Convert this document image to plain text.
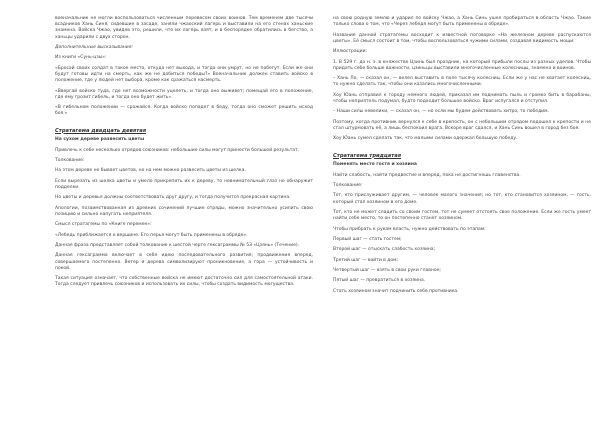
военачальник не могли воспользоваться численным перевесом своих воинов. Тем временем две тысячи всадников Хань Синя, сидевшие в засаде, заняли чжаоский лагерь и выставили на его стенах ханьские знамена. Войска Чжао, увидев это, решили, что их лагерь взят, и в беспорядке обратились в бегство, а ханьцы ударили с двух сторон.

Дополнительные высказывания:

Из книги «Сунь-цзы»:

«Бросай своих солдат в такое место, откуда нет выхода, и тогда они умрут, но не побегут. Если же они будут готовы идти на смерть, как же не добиться победы?» Военачальник должен ставить войско в положение, где у людей нет выбора, кроме как сражаться насмерть.

«Ввергай войско туда, где нет возможности уцелеть, и тогда оно выживет; помещай его в положение, где ему грозит гибель, и тогда оно будет жить».

«В гибельном положении — сражайся. Когда войско попадет в беду, тогда оно сможет решить исход боя.»

Стратагема двадцать девятая

На сухом дереве развесить цветы

Привлечь к себе несколько отрядов союзников: небольшие силы могут принести большой результат.

Толкование:

На этом дереве не бывает цветов, но на нем можно развесить цветы из шелка.

Если вырезать из шелка цветы и умело прикрепить их к дереву, то невнимательный глаз не обнаружит подделки.

Но цветы и деревья должны соответствовать друг другу, и тогда получится прекрасная картина.

Апологии, позаимствованная из древних сочинений лучшие отряды, можно значительно усилить свою позицию и сильно напугать неприятеля.

Смысл стратагемы по «Книге перемен»:

«Лебедь приближается к вершине. Его перья могут быть применены в обряде».

Данная фраза представляет собой толкование к шестой черте гексаграммы № 53 «Цзянь» (Течение).

Данная гексаграмма включает в себя идею последовательного развития; продвижения вперед, совершаемого постепенно. Ветер и дерево символизируют проникновение, а гора — устойчивость и покой.

Такая ситуация означает, что собственные войска не имеют достаточно сил для самостоятельной атаки. Тогда следует привлечь союзников и использовать их силы, чтобы создать видимость могущества.

на свою родную землю и ударил по войску Чжао, а Хань Синь ушел пробираться в область Чжао. Такие только слова о том, что «Через лебедя могут быть применены в обряде».

Название данной стратагемы восходит к известной поговорке «На железном дереве распускаются цветы». Её смысл состоит в том, чтобы воспользоваться чужими силами, создавая видимость мощи.

Иллюстрации:

1. В 529 г. до н. э. в княжестве Цзинь был праздник, на который прибыли послы из разных уделов. Чтобы придать себе больше важности, цзиньцы выставили многочисленные колесницы, знамена и воинов.

– Хань Ло, — сказал он, — велел выставить в поле тысячу колесниц. Если же у нас не хватает колесниц, то нужно сделать так, чтобы они казались многочисленными.

Хоу Юань отправил к городу немного людей, приказал им поднимать пыль и громко бить в барабаны, чтобы неприятель подумал, будто подходит большое войско. Враг испугался и отступил.

– Наши силы невелики, — сказал он, — но если мы будем действовать хитро, то победим.

Поэтому, когда противник вернулся к себе в крепость, он с небольшим отрядом подошел к крепости и не стал штурмовать её, а лишь беспокоил врага. Вскоре враг сдался, и Хань Синь вошел в город без боя.

Хоу Юань сумел сделать так, что малыми силами одержал большую победу.

Стратагема тридцатая

Поменять место гостя и хозяина

Найти слабость, найти предвестие и вперед, пока не достигнешь главенства.

Толкование:

Тот, кто прислуживает другим, — человек малого значения; но тот, кто становится хозяином, — гость, который стал хозяином в его доме.

Тот, кто не может сладить со своим гостем, тот не сумеет отстоять свое положение. Если же гость умеет найти себе место, то он постепенно станет хозяином.

Чтобы прибрать к рукам власть, нужно действовать по этапам:

Первый шаг — стать гостем;

Второй шаг — отыскать слабость хозяина;

Третий шаг — войти в дом;

Четвертый шаг — взять в свои руки главное;

Пятый шаг — превратиться в хозяина.

Стать хозяином значит подчинить себе противника.
